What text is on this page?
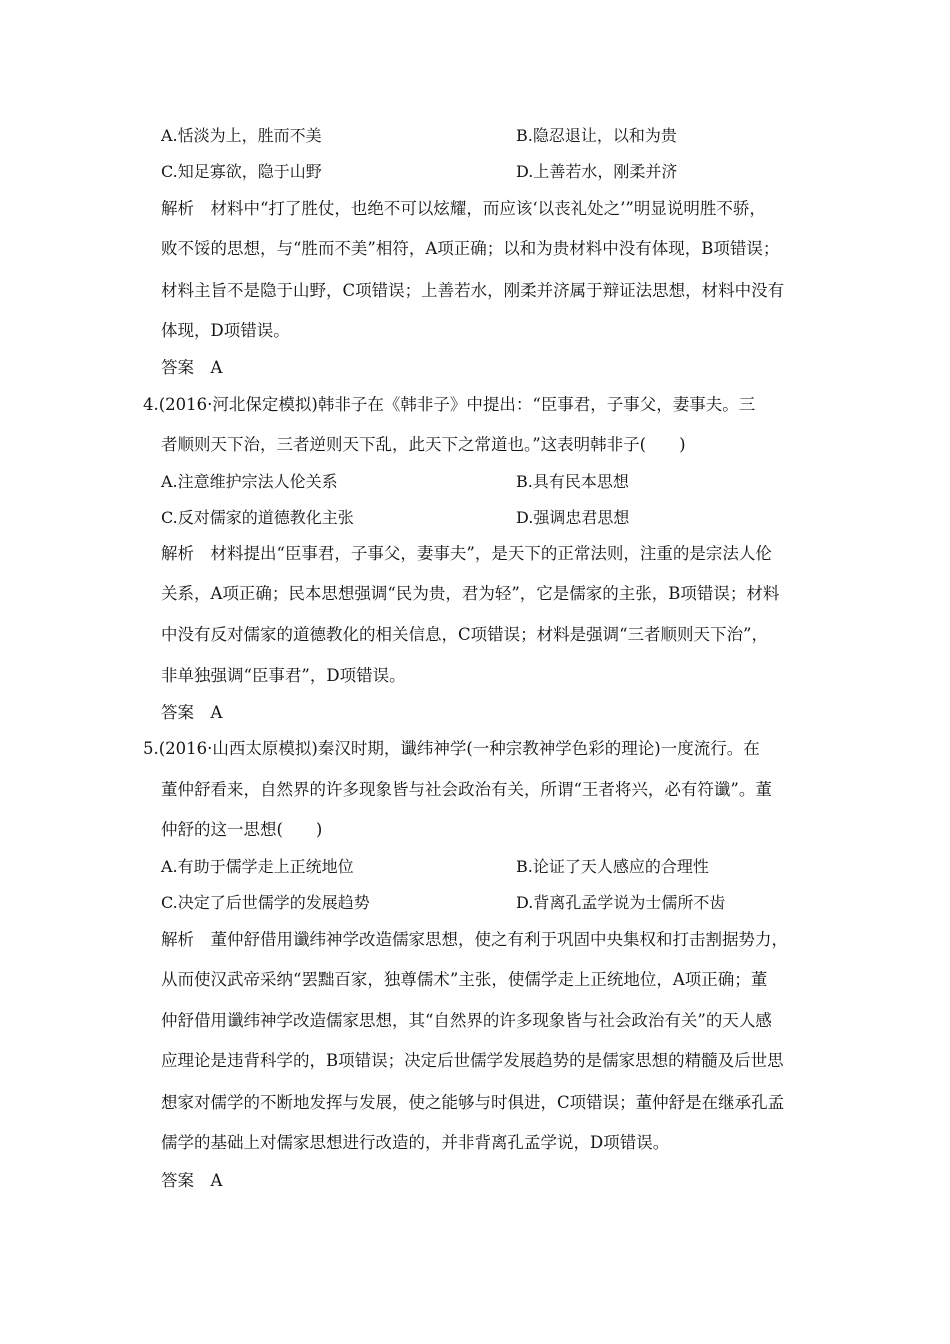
A.恬淡为上，胜而不美	B.隐忍退让，以和为贵
C.知足寡欲，隐于山野	D.上善若水，刚柔并济
解析　材料中“打了胜仗，也绝不可以炫耀，而应该‘以丧礼处之’”明显说明胜不骄，
败不馁的思想，与“胜而不美”相符，A项正确；以和为贵材料中没有体现，B项错误；
材料主旨不是隐于山野，C项错误；上善若水，刚柔并济属于辩证法思想，材料中没有
体现，D项错误。
答案　A
4.(2016·河北保定模拟)韩非子在《韩非子》中提出：“臣事君，子事父，妻事夫。三
者顺则天下治，三者逆则天下乱，此天下之常道也。”这表明韩非子(　　)
A.注意维护宗法人伦关系	B.具有民本思想
C.反对儒家的道德教化主张	D.强调忠君思想
解析　材料提出“臣事君，子事父，妻事夫”，是天下的正常法则，注重的是宗法人伦
关系，A项正确；民本思想强调“民为贵，君为轻”，它是儒家的主张，B项错误；材料
中没有反对儒家的道德教化的相关信息，C项错误；材料是强调“三者顺则天下治”，
非单独强调“臣事君”，D项错误。
答案　A
5.(2016·山西太原模拟)秦汉时期，谶纬神学(一种宗教神学色彩的理论)一度流行。在
董仲舒看来，自然界的许多现象皆与社会政治有关，所谓“王者将兴，必有符谶”。董
仲舒的这一思想(　　)
A.有助于儒学走上正统地位	B.论证了天人感应的合理性
C.决定了后世儒学的发展趋势	D.背离孔孟学说为士儒所不齿
解析　董仲舒借用谶纬神学改造儒家思想，使之有利于巩固中央集权和打击割据势力，
从而使汉武帝采纳“罢黜百家，独尊儒术”主张，使儒学走上正统地位，A项正确；董
仲舒借用谶纬神学改造儒家思想，其“自然界的许多现象皆与社会政治有关”的天人感
应理论是违背科学的，B项错误；决定后世儒学发展趋势的是儒家思想的精髓及后世思
想家对儒学的不断地发挥与发展，使之能够与时俱进，C项错误；董仲舒是在继承孔孟
儒学的基础上对儒家思想进行改造的，并非背离孔孟学说，D项错误。
答案　A
